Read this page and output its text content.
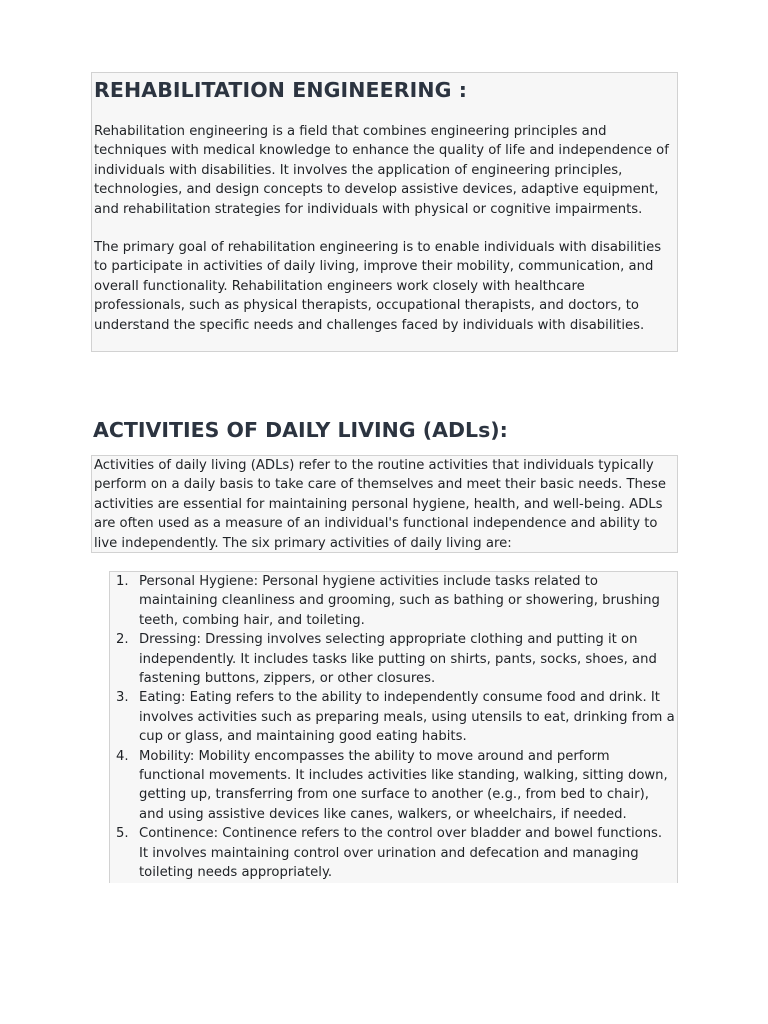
REHABILITATION ENGINEERING :

Rehabilitation engineering is a field that combines engineering principles and techniques with medical knowledge to enhance the quality of life and independence of individuals with disabilities. It involves the application of engineering principles, technologies, and design concepts to develop assistive devices, adaptive equipment, and rehabilitation strategies for individuals with physical or cognitive impairments.

The primary goal of rehabilitation engineering is to enable individuals with disabilities to participate in activities of daily living, improve their mobility, communication, and overall functionality. Rehabilitation engineers work closely with healthcare professionals, such as physical therapists, occupational therapists, and doctors, to understand the specific needs and challenges faced by individuals with disabilities.

ACTIVITIES OF DAILY LIVING (ADLs):

Activities of daily living (ADLs) refer to the routine activities that individuals typically perform on a daily basis to take care of themselves and meet their basic needs. These activities are essential for maintaining personal hygiene, health, and well-being. ADLs are often used as a measure of an individual's functional independence and ability to live independently. The six primary activities of daily living are:

1. Personal Hygiene: Personal hygiene activities include tasks related to maintaining cleanliness and grooming, such as bathing or showering, brushing teeth, combing hair, and toileting.
2. Dressing: Dressing involves selecting appropriate clothing and putting it on independently. It includes tasks like putting on shirts, pants, socks, shoes, and fastening buttons, zippers, or other closures.
3. Eating: Eating refers to the ability to independently consume food and drink. It involves activities such as preparing meals, using utensils to eat, drinking from a cup or glass, and maintaining good eating habits.
4. Mobility: Mobility encompasses the ability to move around and perform functional movements. It includes activities like standing, walking, sitting down, getting up, transferring from one surface to another (e.g., from bed to chair), and using assistive devices like canes, walkers, or wheelchairs, if needed.
5. Continence: Continence refers to the control over bladder and bowel functions. It involves maintaining control over urination and defecation and managing toileting needs appropriately.
